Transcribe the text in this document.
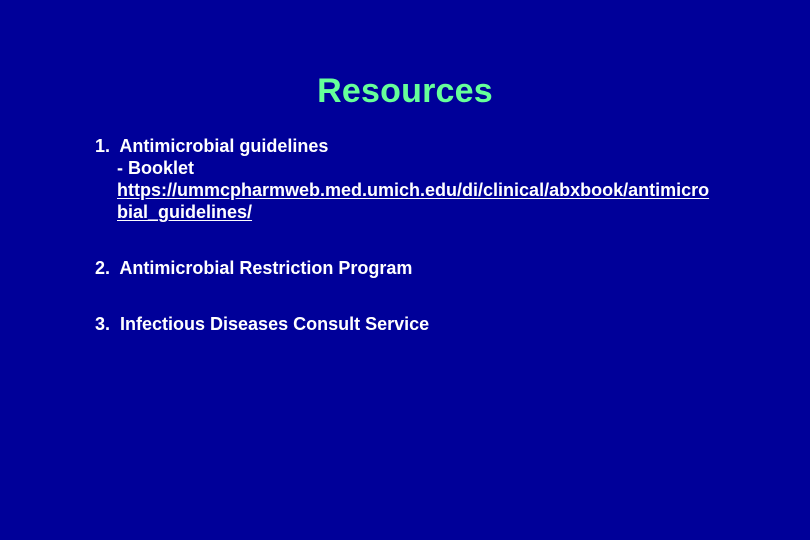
Resources
1.  Antimicrobial guidelines
- Booklet
https://ummcpharmweb.med.umich.edu/di/clinical/abxbook/antimicrobial_guidelines/
2.  Antimicrobial Restriction Program
3.  Infectious Diseases Consult Service
